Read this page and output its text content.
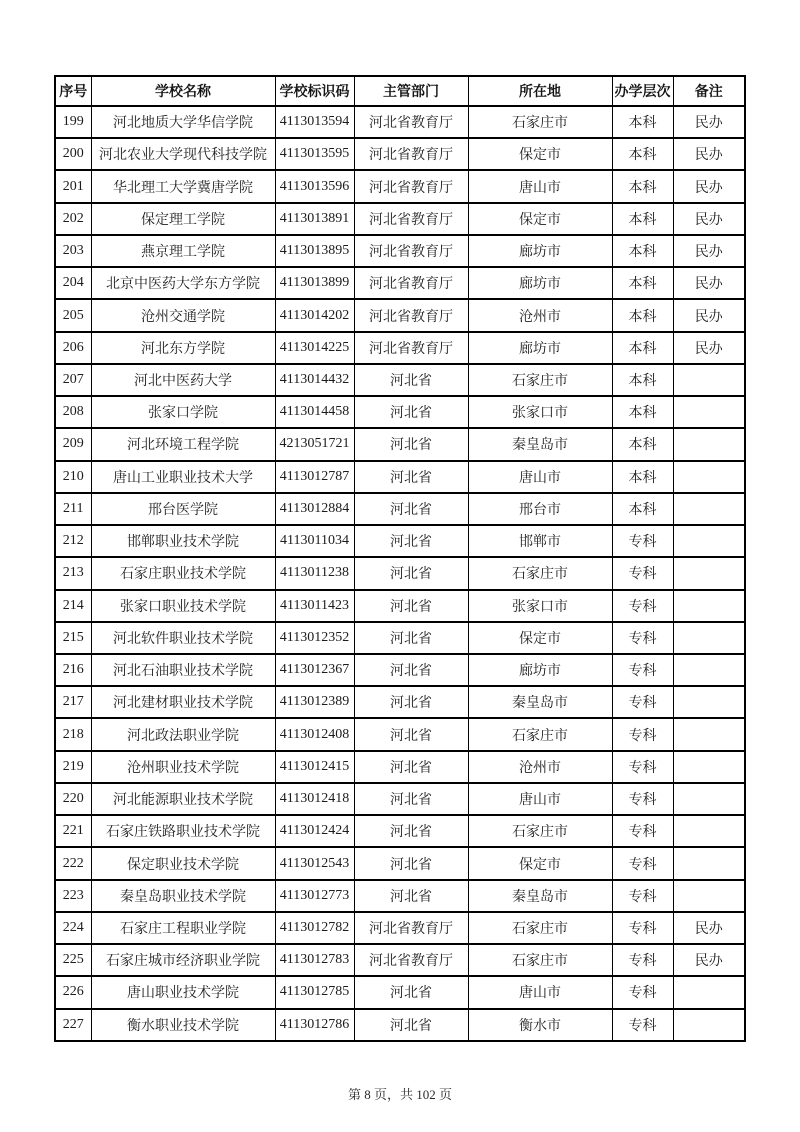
序号	学校名称	学校标识码	主管部门	所在地	办学层次	备注
199	河北地质大学华信学院	4113013594	河北省教育厅	石家庄市	本科	民办
200	河北农业大学现代科技学院	4113013595	河北省教育厅	保定市	本科	民办
201	华北理工大学冀唐学院	4113013596	河北省教育厅	唐山市	本科	民办
202	保定理工学院	4113013891	河北省教育厅	保定市	本科	民办
203	燕京理工学院	4113013895	河北省教育厅	廊坊市	本科	民办
204	北京中医药大学东方学院	4113013899	河北省教育厅	廊坊市	本科	民办
205	沧州交通学院	4113014202	河北省教育厅	沧州市	本科	民办
206	河北东方学院	4113014225	河北省教育厅	廊坊市	本科	民办
207	河北中医药大学	4113014432	河北省	石家庄市	本科	
208	张家口学院	4113014458	河北省	张家口市	本科	
209	河北环境工程学院	4213051721	河北省	秦皇岛市	本科	
210	唐山工业职业技术大学	4113012787	河北省	唐山市	本科	
211	邢台医学院	4113012884	河北省	邢台市	本科	
212	邯郸职业技术学院	4113011034	河北省	邯郸市	专科	
213	石家庄职业技术学院	4113011238	河北省	石家庄市	专科	
214	张家口职业技术学院	4113011423	河北省	张家口市	专科	
215	河北软件职业技术学院	4113012352	河北省	保定市	专科	
216	河北石油职业技术学院	4113012367	河北省	廊坊市	专科	
217	河北建材职业技术学院	4113012389	河北省	秦皇岛市	专科	
218	河北政法职业学院	4113012408	河北省	石家庄市	专科	
219	沧州职业技术学院	4113012415	河北省	沧州市	专科	
220	河北能源职业技术学院	4113012418	河北省	唐山市	专科	
221	石家庄铁路职业技术学院	4113012424	河北省	石家庄市	专科	
222	保定职业技术学院	4113012543	河北省	保定市	专科	
223	秦皇岛职业技术学院	4113012773	河北省	秦皇岛市	专科	
224	石家庄工程职业学院	4113012782	河北省教育厅	石家庄市	专科	民办
225	石家庄城市经济职业学院	4113012783	河北省教育厅	石家庄市	专科	民办
226	唐山职业技术学院	4113012785	河北省	唐山市	专科	
227	衡水职业技术学院	4113012786	河北省	衡水市	专科	
第 8 页，共 102 页
